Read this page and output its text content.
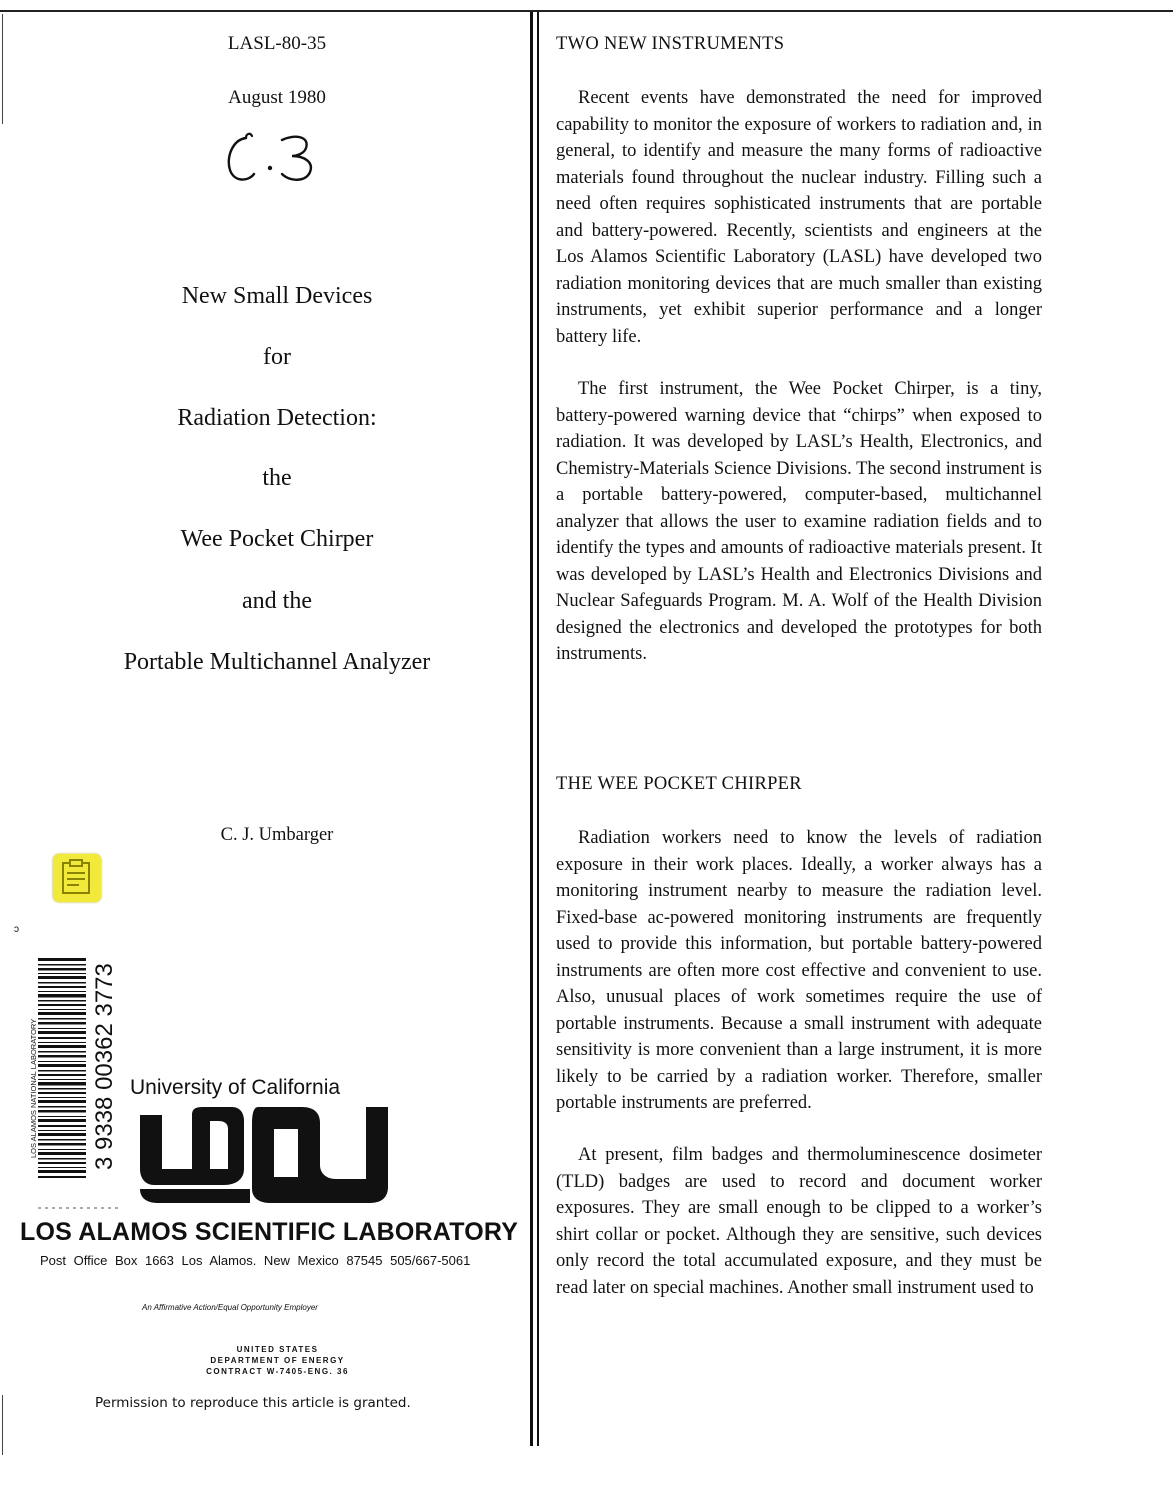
LASL-80-35
August 1980
C.3
New Small Devices
for
Radiation Detection:
the
Wee Pocket Chirper
and the
Portable Multichannel Analyzer
C. J. Umbarger
ɔ
LOS ALAMOS NATIONAL LABORATORY 3 9338 00362 3773 University of California
LOS ALAMOS SCIENTIFIC LABORATORY
Post Office Box 1663 Los Alamos. New Mexico 87545 505/667-5061
An Affirmative Action/Equal Opportunity Employer
UNITED STATES
DEPARTMENT OF ENERGY
CONTRACT W-7405-ENG. 36
Permission to reproduce this article is granted.
TWO NEW INSTRUMENTS

Recent events have demonstrated the need for improved capability to monitor the exposure of workers to radiation and, in general, to identify and measure the many forms of radioactive materials found throughout the nuclear industry. Filling such a need often requires sophisticated instruments that are portable and battery-powered. Recently, scientists and engineers at the Los Alamos Scientific Laboratory (LASL) have developed two radiation monitoring devices that are much smaller than existing instruments, yet exhibit superior performance and a longer battery life.

The first instrument, the Wee Pocket Chirper, is a tiny, battery-powered warning device that “chirps” when exposed to radiation. It was developed by LASL’s Health, Electronics, and Chemistry-Materials Science Divisions. The second instrument is a portable battery-powered, computer-based, multichannel analyzer that allows the user to examine radiation fields and to identify the types and amounts of radioactive materials present. It was developed by LASL’s Health and Electronics Divisions and Nuclear Safeguards Program. M. A. Wolf of the Health Division designed the electronics and developed the prototypes for both instruments.

THE WEE POCKET CHIRPER

Radiation workers need to know the levels of radiation exposure in their work places. Ideally, a worker always has a monitoring instrument nearby to measure the radiation level. Fixed-base ac-powered monitoring instruments are frequently used to provide this information, but portable battery-powered instruments are often more cost effective and convenient to use. Also, unusual places of work sometimes require the use of portable instruments. Because a small instrument with adequate sensitivity is more convenient than a large instrument, it is more likely to be carried by a radiation worker. Therefore, smaller portable instruments are preferred.

At present, film badges and thermoluminescence dosimeter (TLD) badges are used to record and document worker exposures. They are small enough to be clipped to a worker’s shirt collar or pocket. Although they are sensitive, such devices only record the total accumulated exposure, and they must be read later on special machines. Another small instrument used to
